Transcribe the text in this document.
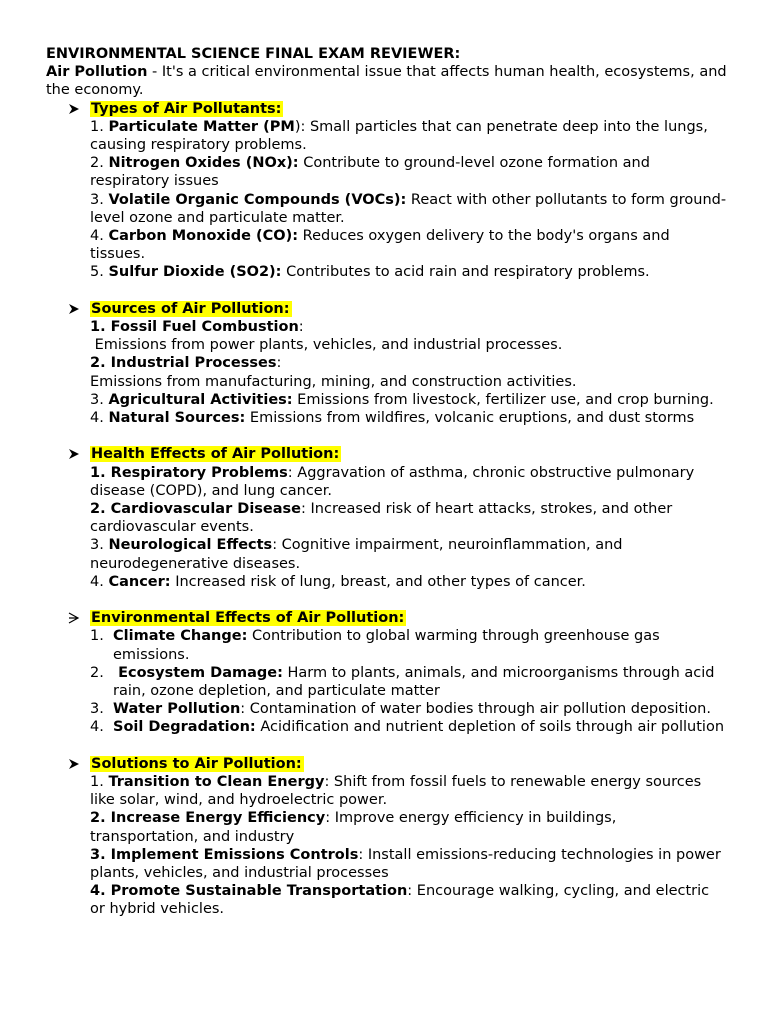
ENVIRONMENTAL SCIENCE FINAL EXAM REVIEWER:

Air Pollution - It's a critical environmental issue that affects human health, ecosystems, and the economy.

Types of Air Pollutants:

1. Particulate Matter (PM): Small particles that can penetrate deep into the lungs, causing respiratory problems.

2. Nitrogen Oxides (NOx): Contribute to ground-level ozone formation and respiratory issues

3. Volatile Organic Compounds (VOCs): React with other pollutants to form ground-level ozone and particulate matter.

4. Carbon Monoxide (CO): Reduces oxygen delivery to the body's organs and tissues.

5. Sulfur Dioxide (SO2): Contributes to acid rain and respiratory problems.

Sources of Air Pollution:

1. Fossil Fuel Combustion:

Emissions from power plants, vehicles, and industrial processes.

2. Industrial Processes:

Emissions from manufacturing, mining, and construction activities.

3. Agricultural Activities: Emissions from livestock, fertilizer use, and crop burning.

4. Natural Sources: Emissions from wildfires, volcanic eruptions, and dust storms

Health Effects of Air Pollution:

1. Respiratory Problems: Aggravation of asthma, chronic obstructive pulmonary disease (COPD), and lung cancer.

2. Cardiovascular Disease: Increased risk of heart attacks, strokes, and other cardiovascular events.

3. Neurological Effects: Cognitive impairment, neuroinflammation, and neurodegenerative diseases.

4. Cancer: Increased risk of lung, breast, and other types of cancer.

Environmental Effects of Air Pollution:

1. Climate Change: Contribution to global warming through greenhouse gas emissions.

2. Ecosystem Damage: Harm to plants, animals, and microorganisms through acid rain, ozone depletion, and particulate matter

3. Water Pollution: Contamination of water bodies through air pollution deposition.

4. Soil Degradation: Acidification and nutrient depletion of soils through air pollution

Solutions to Air Pollution:

1. Transition to Clean Energy: Shift from fossil fuels to renewable energy sources like solar, wind, and hydroelectric power.

2. Increase Energy Efficiency: Improve energy efficiency in buildings, transportation, and industry

3. Implement Emissions Controls: Install emissions-reducing technologies in power plants, vehicles, and industrial processes

4. Promote Sustainable Transportation: Encourage walking, cycling, and electric or hybrid vehicles.
